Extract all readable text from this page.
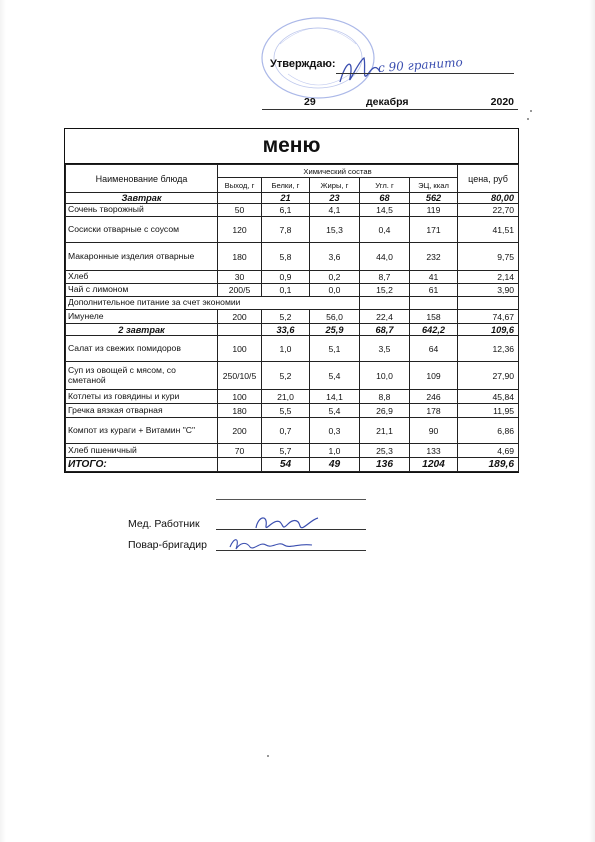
Утверждаю:	с 90 гранито
29	декабря	2020
меню
Наименование блюда	Химический состав					цена, руб
	Выход, г	Белки, г	Жиры, г	Угл. г	ЭЦ, ккал	
Завтрак		21	23	68	562	80,00
Сочень творожный	50	6,1	4,1	14,5	119	22,70
Сосиски отварные с соусом	120	7,8	15,3	0,4	171	41,51
Макаронные изделия отварные	180	5,8	3,6	44,0	232	9,75
Хлеб	30	0,9	0,2	8,7	41	2,14
Чай с лимоном	200/5	0,1	0,0	15,2	61	3,90
Дополнительное питание за счет экономии						
Имунеле	200	5,2	56,0	22,4	158	74,67
2 завтрак		33,6	25,9	68,7	642,2	109,6
Салат из свежих помидоров	100	1,0	5,1	3,5	64	12,36
Суп из овощей с мясом, со сметаной	250/10/5	5,2	5,4	10,0	109	27,90
Котлеты из говядины и кури	100	21,0	14,1	8,8	246	45,84
Гречка вязкая отварная	180	5,5	5,4	26,9	178	11,95
Компот из кураги + Витамин "С"	200	0,7	0,3	21,1	90	6,86
Хлеб пшеничный	70	5,7	1,0	25,3	133	4,69
ИТОГО:		54	49	136	1204	189,6
Мед. Работник
Повар-бригадир
